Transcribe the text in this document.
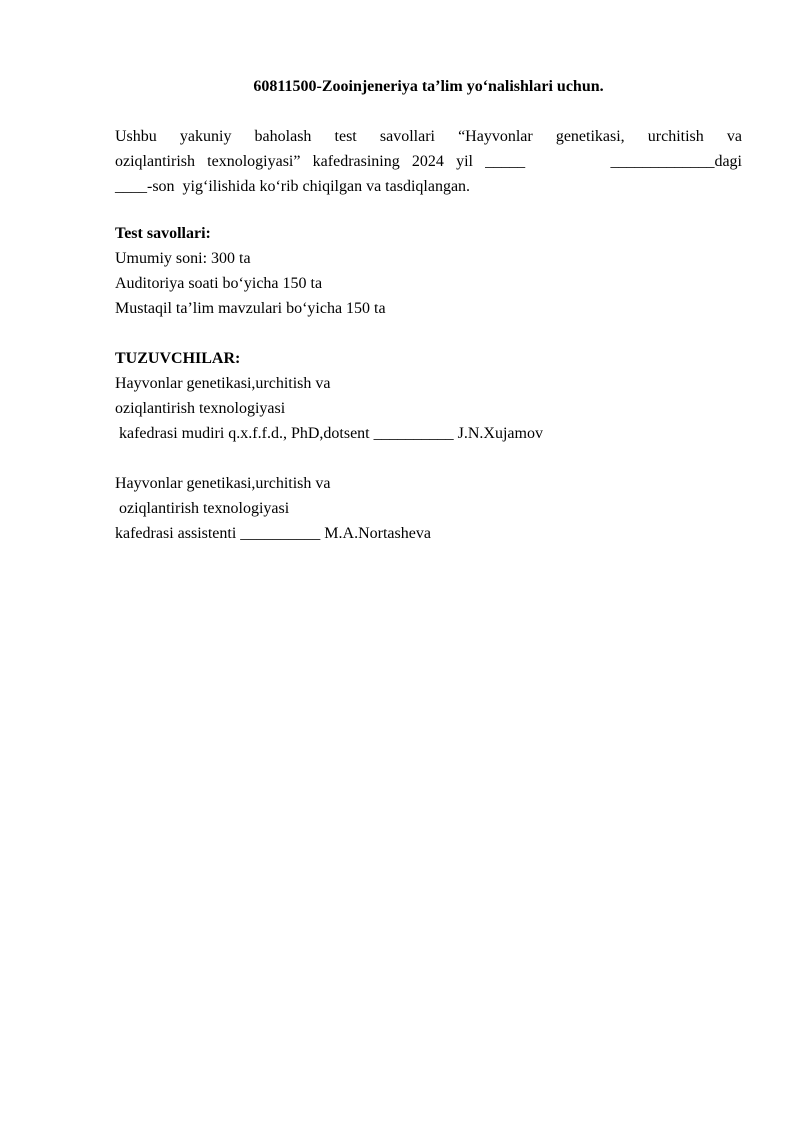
60811500-Zooinjeneriya ta’lim yo‘nalishlari uchun.
Ushbu yakuniy baholash test savollari “Hayvonlar genetikasi, urchitish va
oziqlantirish texnologiyasi” kafedrasining 2024 yil _____       _____________dagi
____-son  yig‘ilishida ko‘rib chiqilgan va tasdiqlangan.
Test savollari:
Umumiy soni: 300 ta
Auditoriya soati bo‘yicha 150 ta
Mustaqil ta’lim mavzulari bo‘yicha 150 ta
TUZUVCHILAR:
Hayvonlar genetikasi,urchitish va
oziqlantirish texnologiyasi
kafedrasi mudiri q.x.f.f.d., PhD,dotsent __________ J.N.Xujamov
Hayvonlar genetikasi,urchitish va
oziqlantirish texnologiyasi
kafedrasi assistenti __________ M.A.Nortasheva
